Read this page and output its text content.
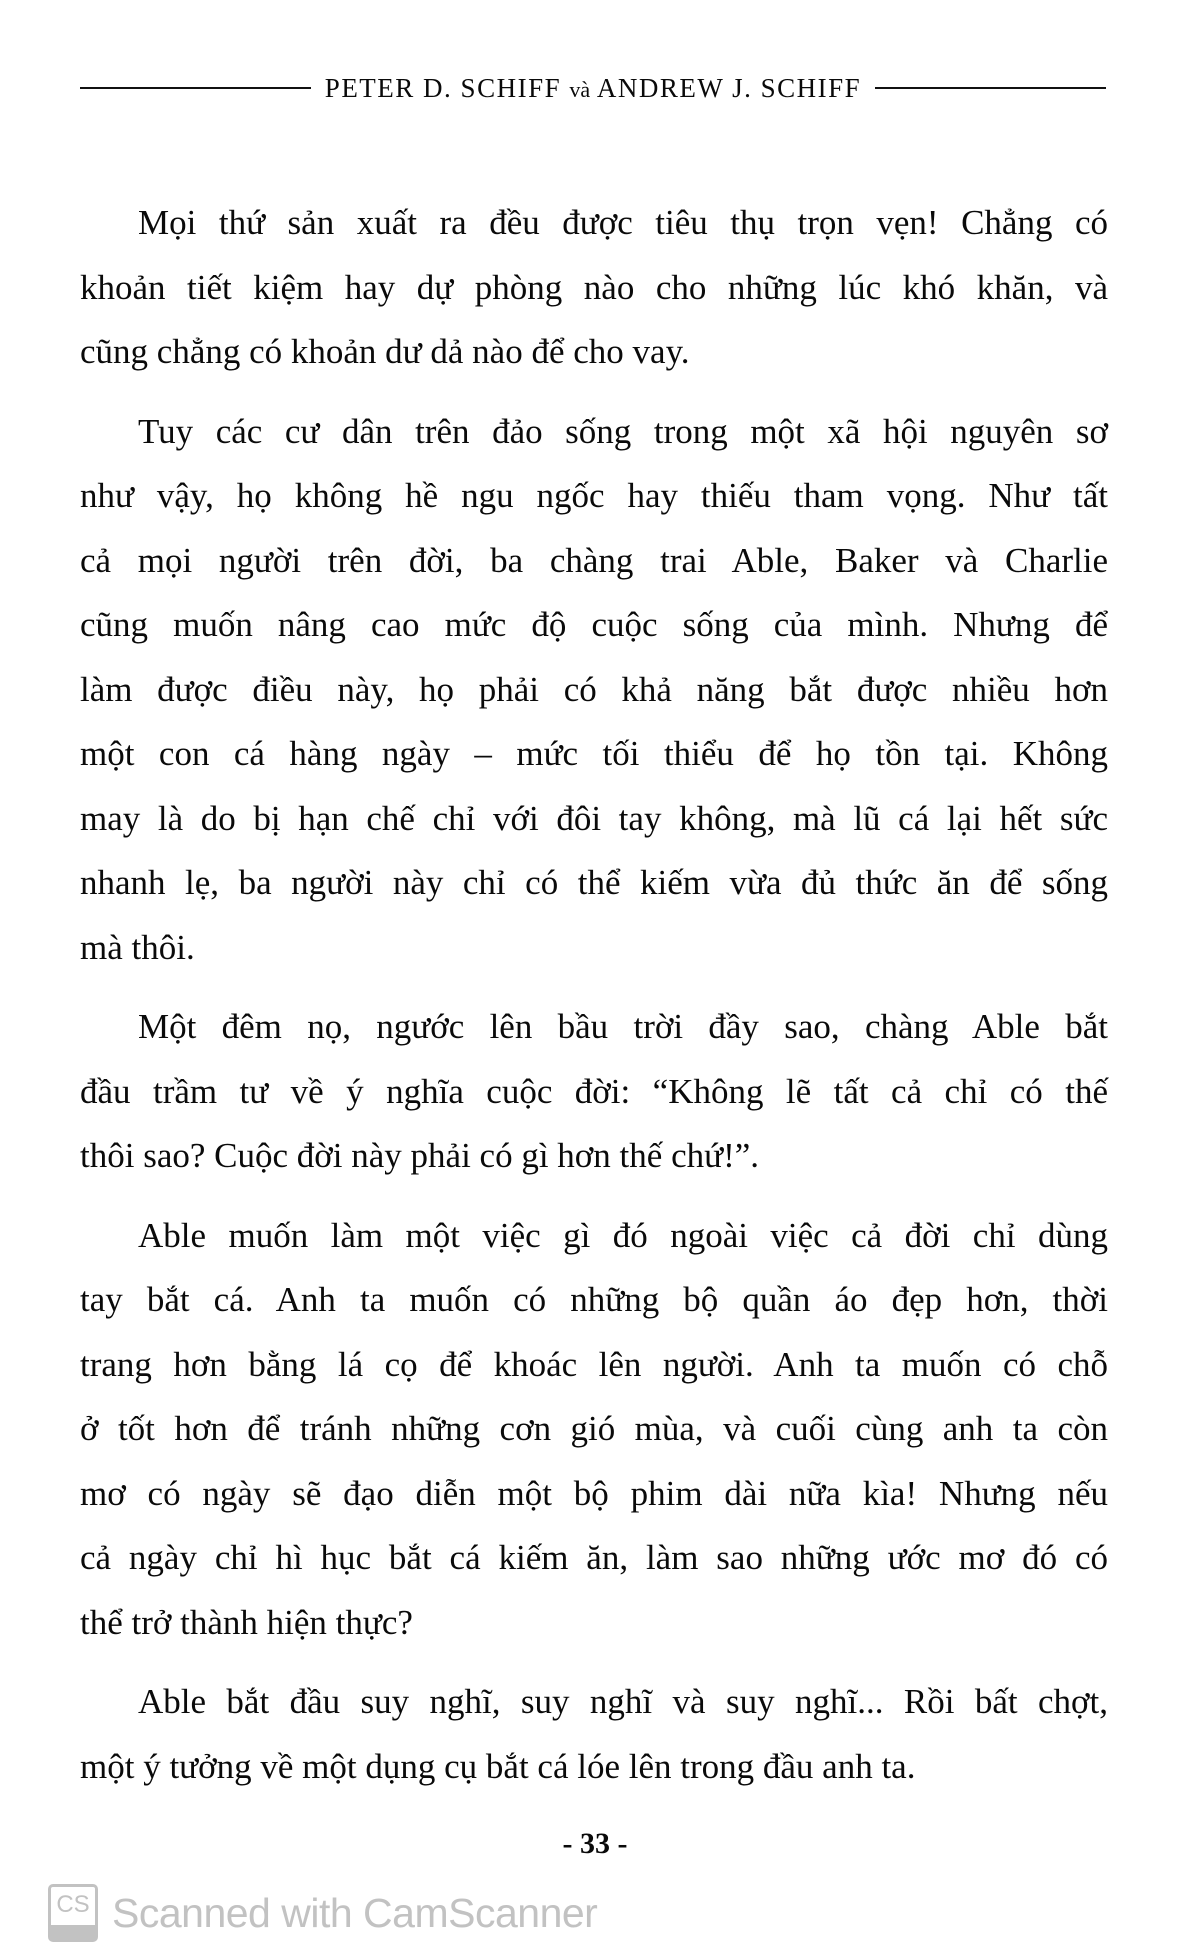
PETER D. SCHIFF và ANDREW J. SCHIFF
Mọi thứ sản xuất ra đều được tiêu thụ trọn vẹn! Chẳng có
khoản tiết kiệm hay dự phòng nào cho những lúc khó khăn, và
cũng chẳng có khoản dư dả nào để cho vay.
Tuy các cư dân trên đảo sống trong một xã hội nguyên sơ
như vậy, họ không hề ngu ngốc hay thiếu tham vọng. Như tất
cả mọi người trên đời, ba chàng trai Able, Baker và Charlie
cũng muốn nâng cao mức độ cuộc sống của mình. Nhưng để
làm được điều này, họ phải có khả năng bắt được nhiều hơn
một con cá hàng ngày – mức tối thiểu để họ tồn tại. Không
may là do bị hạn chế chỉ với đôi tay không, mà lũ cá lại hết sức
nhanh lẹ, ba người này chỉ có thể kiếm vừa đủ thức ăn để sống
mà thôi.
Một đêm nọ, ngước lên bầu trời đầy sao, chàng Able bắt
đầu trầm tư về ý nghĩa cuộc đời: “Không lẽ tất cả chỉ có thế
thôi sao? Cuộc đời này phải có gì hơn thế chứ!”.
Able muốn làm một việc gì đó ngoài việc cả đời chỉ dùng
tay bắt cá. Anh ta muốn có những bộ quần áo đẹp hơn, thời
trang hơn bằng lá cọ để khoác lên người. Anh ta muốn có chỗ
ở tốt hơn để tránh những cơn gió mùa, và cuối cùng anh ta còn
mơ có ngày sẽ đạo diễn một bộ phim dài nữa kìa! Nhưng nếu
cả ngày chỉ hì hục bắt cá kiếm ăn, làm sao những ước mơ đó có
thể trở thành hiện thực?
Able bắt đầu suy nghĩ, suy nghĩ và suy nghĩ... Rồi bất chợt,
một ý tưởng về một dụng cụ bắt cá lóe lên trong đầu anh ta.
- 33 -
CS Scanned with CamScanner
